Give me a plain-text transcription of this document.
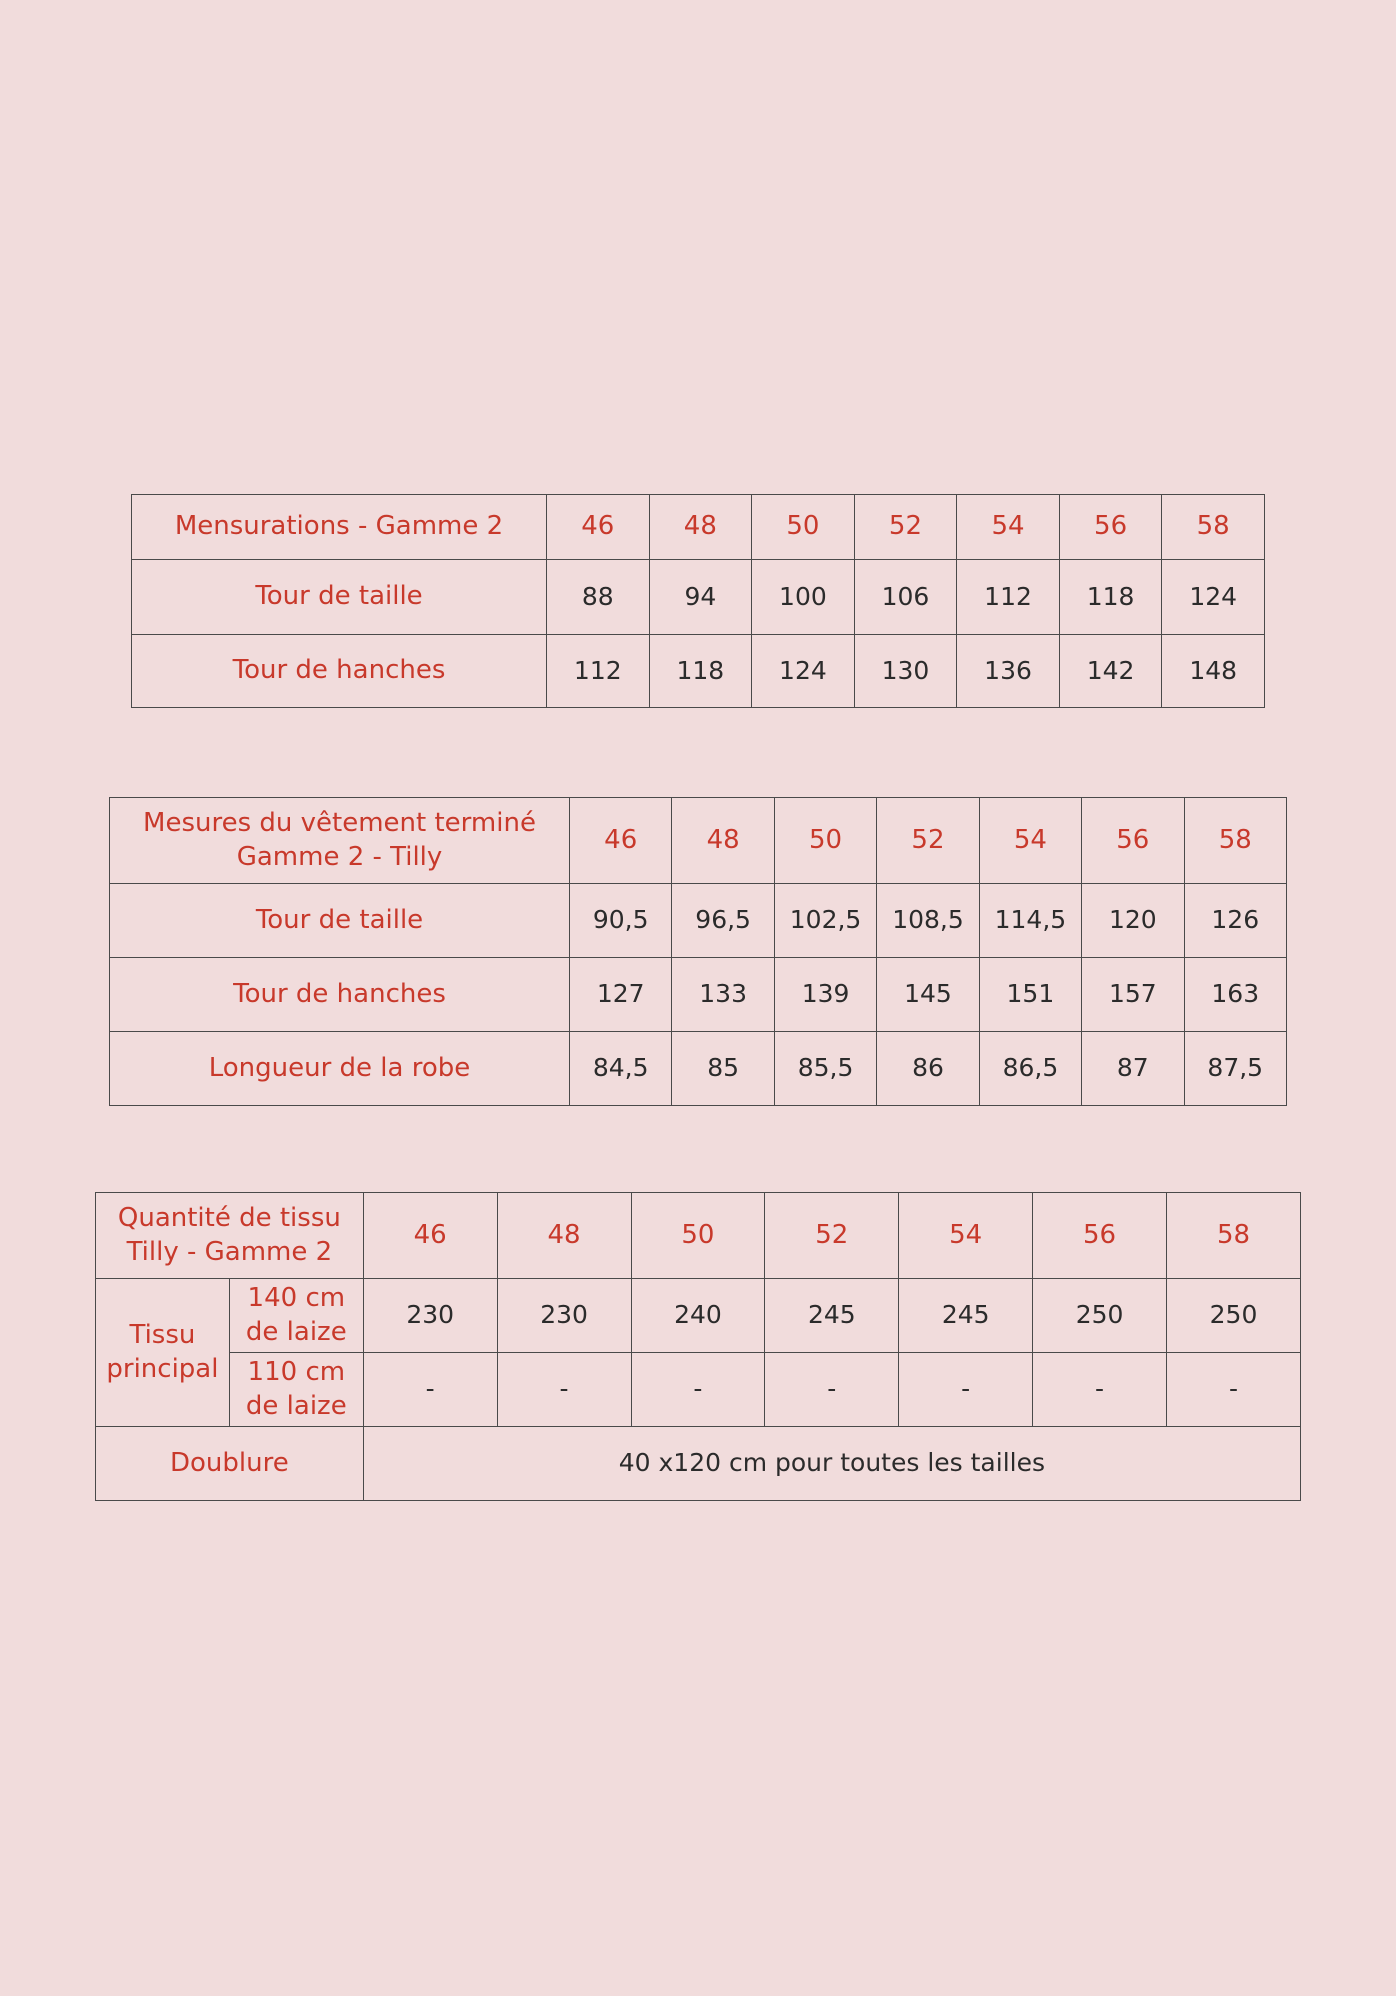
Mensurations - Gamme 2	46	48	50	52	54	56	58
Tour de taille	88	94	100	106	112	118	124
Tour de hanches	112	118	124	130	136	142	148
Mesures du vêtement terminé
Gamme 2 - Tilly	46	48	50	52	54	56	58
Tour de taille	90,5	96,5	102,5	108,5	114,5	120	126
Tour de hanches	127	133	139	145	151	157	163
Longueur de la robe	84,5	85	85,5	86	86,5	87	87,5
Quantité de tissu
Tilly - Gamme 2		46	48	50	52	54	56	58
Tissu principal	140 cm de laize	230	230	240	245	245	250	250
	110 cm de laize	-	-	-	-	-	-	-
Doublure		40 x120 cm pour toutes les tailles						
